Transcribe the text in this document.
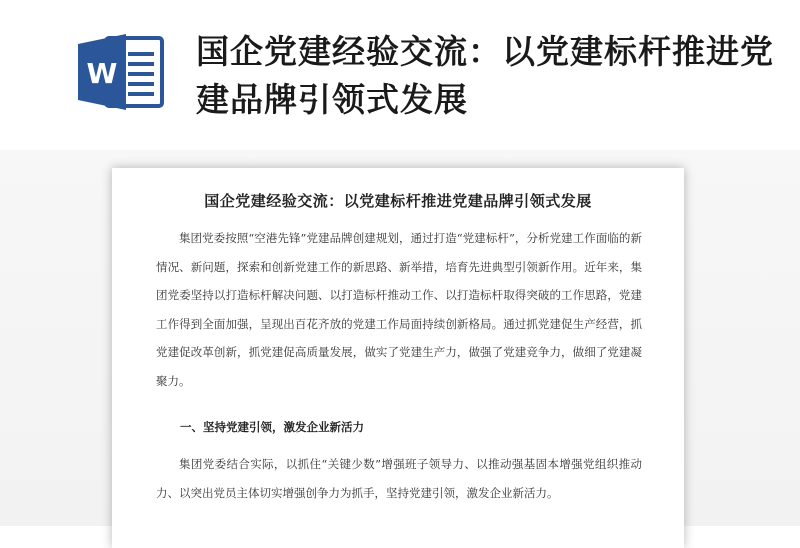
W
国企党建经验交流：以党建标杆推进党建品牌引领式发展
国企党建经验交流：以党建标杆推进党建品牌引领式发展

集团党委按照“空港先锋”党建品牌创建规划，通过打造“党建标杆”，分析党建工作面临的新情况、新问题，探索和创新党建工作的新思路、新举措，培育先进典型引领新作用。近年来，集团党委坚持以打造标杆解决问题、以打造标杆推动工作、以打造标杆取得突破的工作思路，党建工作得到全面加强，呈现出百花齐放的党建工作局面持续创新格局。通过抓党建促生产经营，抓党建促改革创新，抓党建促高质量发展，做实了党建生产力，做强了党建竞争力，做细了党建凝聚力。

一、坚持党建引领，激发企业新活力

集团党委结合实际，以抓住“关键少数”增强班子领导力、以推动强基固本增强党组织推动力、以突出党员主体切实增强创争力为抓手，坚持党建引领，激发企业新活力。
